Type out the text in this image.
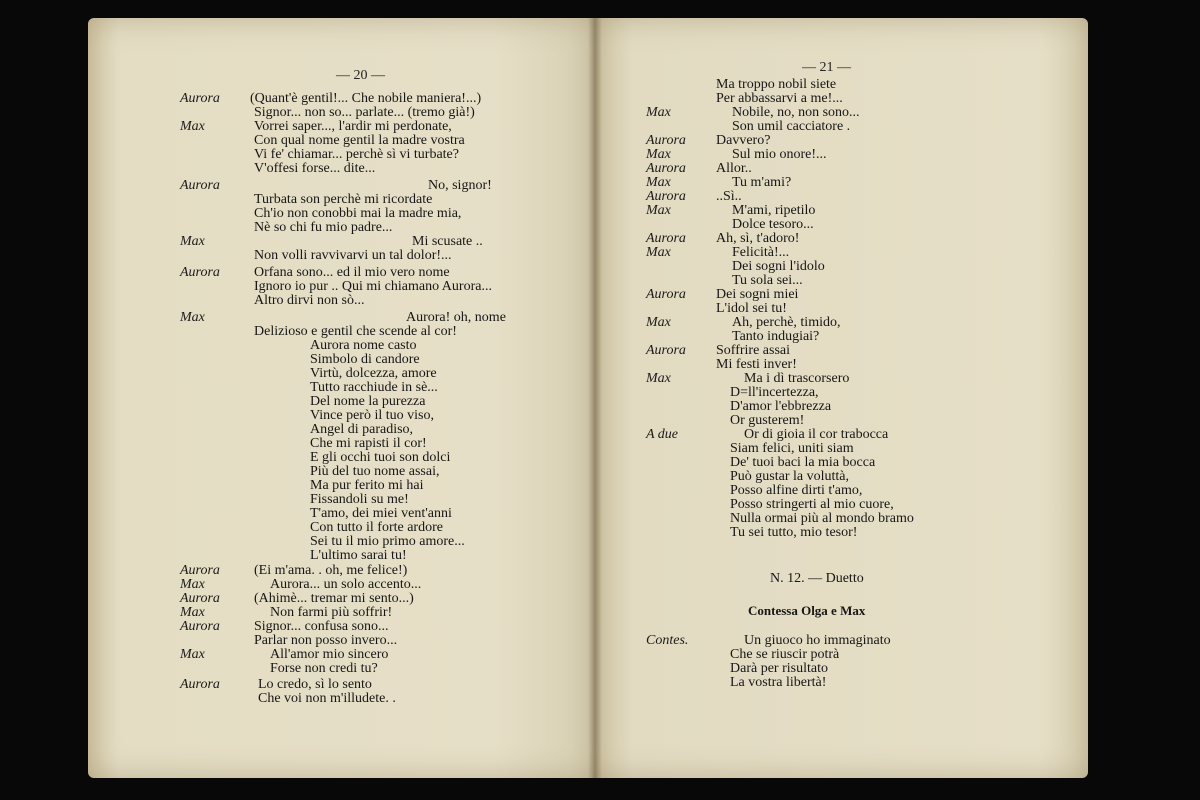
— 20 —
Aurora
Max
Aurora
Max
Aurora
Max
Aurora
Max
Aurora
Max
Aurora
Max
Aurora
(Quant'è gentil!... Che nobile maniera!...)
Signor... non so... parlate... (tremo già!)
Vorrei saper..., l'ardir mi perdonate,
Con qual nome gentil la madre vostra
Vi fe' chiamar... perchè sì vi turbate?
V'offesi forse... dite...
No, signor!
Turbata son perchè mi ricordate
Ch'io non conobbi mai la madre mia,
Nè so chi fu mio padre...
Mi scusate ..
Non volli ravvivarvi un tal dolor!...
Orfana sono... ed il mio vero nome
Ignoro io pur .. Qui mi chiamano Aurora...
Altro dirvi non sò...
Aurora! oh, nome
Delizioso e gentil che scende al cor!
Aurora nome casto
Simbolo di candore
Virtù, dolcezza, amore
Tutto racchiude in sè...
Del nome la purezza
Vince però il tuo viso,
Angel di paradiso,
Che mi rapisti il cor!
E gli occhi tuoi son dolci
Più del tuo nome assai,
Ma pur ferito mi hai
Fissandoli su me!
T'amo, dei miei vent'anni
Con tutto il forte ardore
Sei tu il mio primo amore...
L'ultimo sarai tu!
(Ei m'ama. . oh, me felice!)
Aurora... un solo accento...
(Ahimè... tremar mi sento...)
Non farmi più soffrir!
Signor... confusa sono...
Parlar non posso invero...
All'amor mio sincero
Forse non credi tu?
Lo credo, sì lo sento
Che voi non m'illudete. .
— 21 —
Max
Aurora
Max
Aurora
Max
Aurora
Max
Aurora
Max
Aurora
Max
Aurora
Max
A due
Contes.
Ma troppo nobil siete
Per abbassarvi a me!...
Nobile, no, non sono...
Son umil cacciatore .
Davvero?
Sul mio onore!...
Allor..
Tu m'ami?
..Sì..
M'ami, ripetilo
Dolce tesoro...
Ah, sì, t'adoro!
Felicità!...
Dei sogni l'idolo
Tu sola sei...
Dei sogni miei
L'idol sei tu!
Ah, perchè, timido,
Tanto indugiai?
Soffrire assai
Mi festi inver!
Ma i dì trascorsero
D=ll'incertezza,
D'amor l'ebbrezza
Or gusterem!
Or di gioia il cor trabocca
Siam felici, uniti siam
De' tuoi baci la mia bocca
Può gustar la voluttà,
Posso alfine dirti t'amo,
Posso stringerti al mio cuore,
Nulla ormai più al mondo bramo
Tu sei tutto, mio tesor!
N. 12. — Duetto
Contessa Olga e Max
Un giuoco ho immaginato
Che se riuscir potrà
Darà per risultato
La vostra libertà!
